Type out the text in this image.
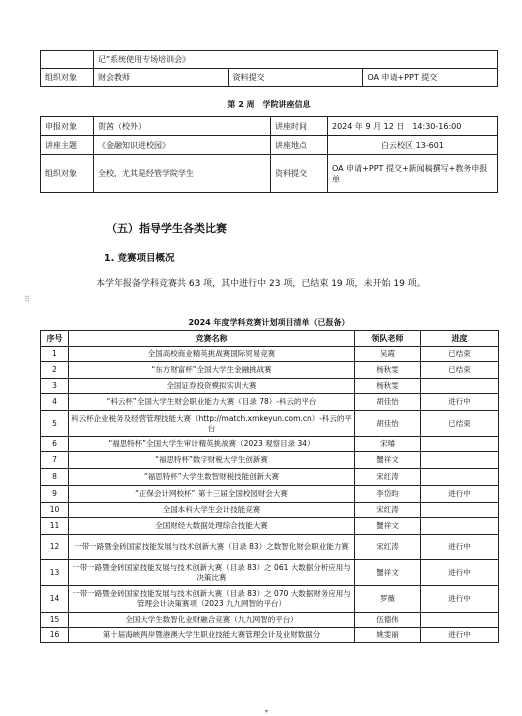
	记”系统使用专场培训会》		
组织对象	财会教师	资料提交	OA 申请+PPT 提交
第 2 周　学院讲座信息
申报对象	贺茜（校外）	讲座时间	2024 年 9 月 12 日　14:30-16:00
讲座主题	《金融知识进校园》	讲座地点	白云校区 13-601
组织对象	全校，尤其是经管学院学生	资料提交	OA 申请+PPT 提交+新闻稿撰写+教务申报单
（五）指导学生各类比赛
1. 竞赛项目概况
本学年报备学科竞赛共 63 项，其中进行中 23 项，已结束 19 项，未开始 19 项。
⠿
2024 年度学科竞赛计划项目清单（已报备）
序号	竞赛名称	领队老师	进度
1	全国高校商业精英挑战赛国际贸易竞赛	吴霞	已结束
2	“东方财富杯”全国大学生金融挑战赛	杨秋雯	已结束
3	全国证券投资模拟实训大赛	杨秋雯	
4	“科云杯”全国大学生财会职业能力大赛（目录 78）-科云的平台	胡佳怡	进行中
5	科云杯企业税务及经营管理技能大赛（http://match.xmkeyun.com.cn）-科云的平台	胡佳怡	已结束
6	“福思特杯”全国大学生审计精英挑战赛（2023 观察目录 34）	宋璿	
7	“福思特杯”数字财税大学生创新赛	蟹祥文	
8	“福思特杯”大学生数智财税技能创新大赛	宋红涛	
9	“正保会计网校杯” 第十三届全国校园财会大赛	李岱昀	进行中
10	全国本科大学生会计技能竞赛	宋红涛	
11	全国财经大数据处理综合技能大赛	蟹祥文	
12	一带一路暨金砖国家技能发展与技术创新大赛（目录 83）之数智化财会职业能力赛	宋红涛	进行中
13	一带一路暨金砖国家技能发展与技术创新大赛（目录 83）之 061 大数据分析应用与决策比赛	蟹祥文	进行中
14	一带一路暨金砖国家技能发展与技术创新大赛（目录 83）之 070 大数据财务应用与管理会计决策赛项（2023 九九网智的平台）	罗薇	进行中
15	全国大学生数智化业财融合竞赛（九九网智的平台）	伍德伟	
16	第十届海峡两岸暨港澳大学生职业技能大赛管理会计及业财数据分	姚雯丽	进行中
▾
